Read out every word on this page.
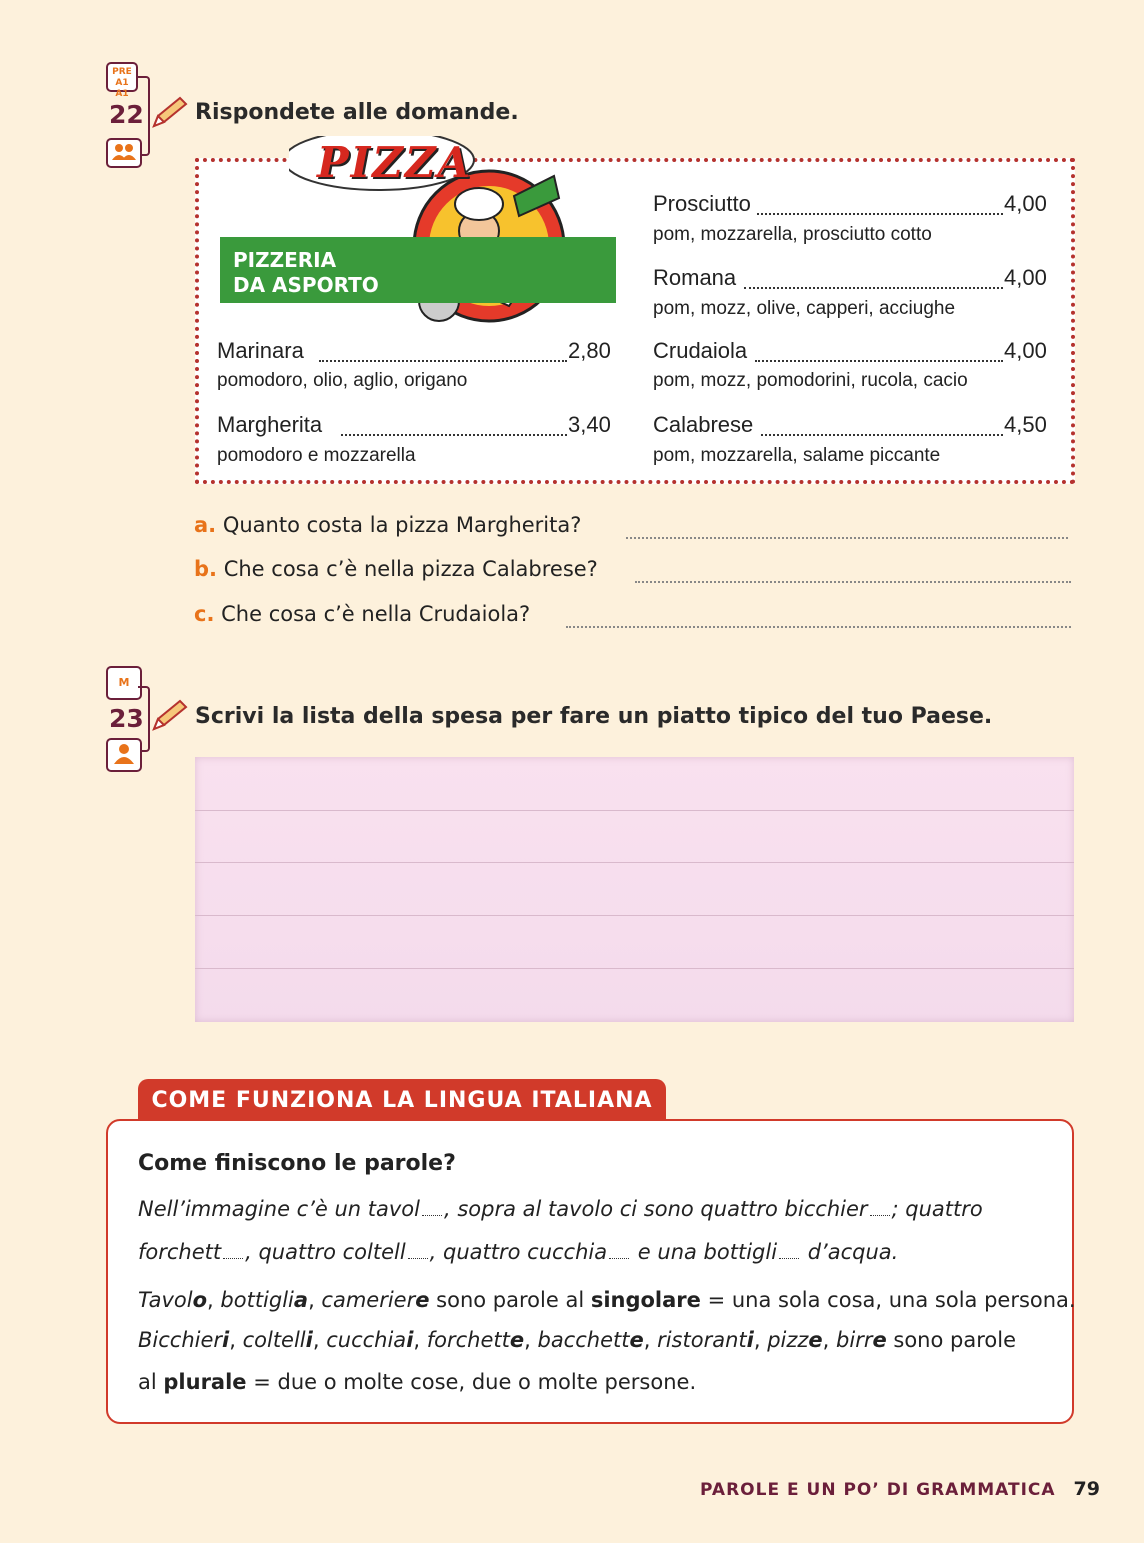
PRE A1
A1
22 Rispondete alle domande.
PIZZA
PIZZERIA
DA ASPORTO
Marinara	2,80
pomodoro, olio, aglio, origano
Margherita	3,40
pomodoro e mozzarella
Prosciutto	4,00
pom, mozzarella, prosciutto cotto
Romana	4,00
pom, mozz, olive, capperi, acciughe
Crudaiola	4,00
pom, mozz, pomodorini, rucola, cacio
Calabrese	4,50
pom, mozzarella, salame piccante
a. Quanto costa la pizza Margherita?
b. Che cosa c’è nella pizza Calabrese?
c. Che cosa c’è nella Crudaiola?
M
23 Scrivi la lista della spesa per fare un piatto tipico del tuo Paese.
COME FUNZIONA LA LINGUA ITALIANA
Come finiscono le parole?
Nell’immagine c’è un tavol , sopra al tavolo ci sono quattro bicchier ; quattro
forchett , quattro coltell , quattro cucchia e una bottigli d’acqua.
Tavolo, bottiglia, cameriere sono parole al singolare = una sola cosa, una sola persona.
Bicchieri, coltelli, cucchiai, forchette, bacchette, ristoranti, pizze, birre sono parole
al plurale = due o molte cose, due o molte persone.
PAROLE E UN PO’ DI GRAMMATICA 79
